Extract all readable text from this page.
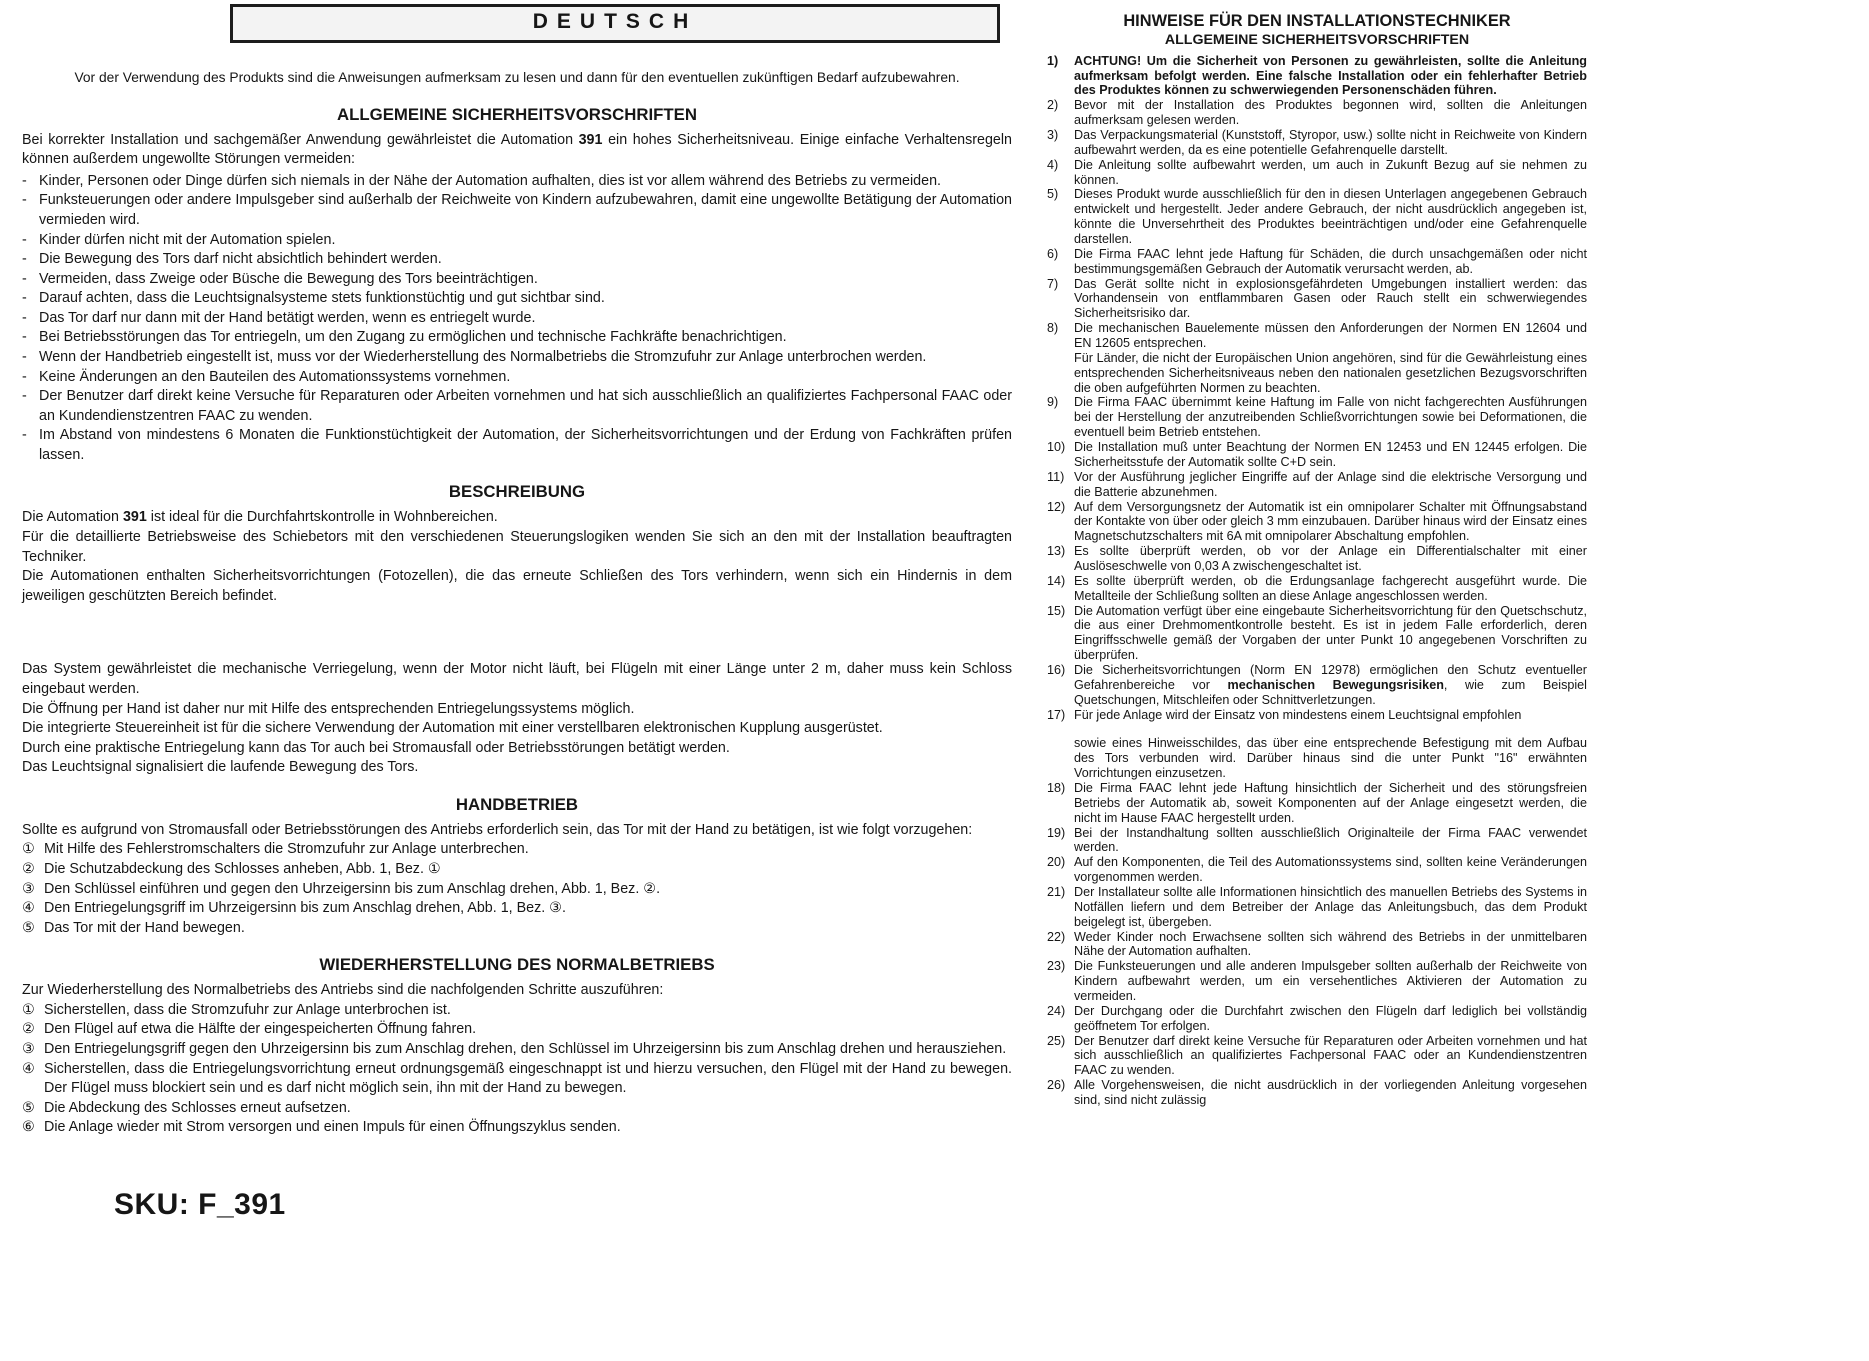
DEUTSCH

Vor der Verwendung des Produkts sind die Anweisungen aufmerksam zu lesen und dann für den eventuellen zukünftigen Bedarf aufzubewahren.

ALLGEMEINE SICHERHEITSVORSCHRIFTEN

Bei korrekter Installation und sachgemäßer Anwendung gewährleistet die Automation 391 ein hohes Sicherheitsniveau. Einige einfache Verhaltensregeln können außerdem ungewollte Störungen vermeiden:

- Kinder, Personen oder Dinge dürfen sich niemals in der Nähe der Automation aufhalten, dies ist vor allem während des Betriebs zu vermeiden.
- Funksteuerungen oder andere Impulsgeber sind außerhalb der Reichweite von Kindern aufzubewahren, damit eine ungewollte Betätigung der Automation vermieden wird.
- Kinder dürfen nicht mit der Automation spielen.
- Die Bewegung des Tors darf nicht absichtlich behindert werden.
- Vermeiden, dass Zweige oder Büsche die Bewegung des Tors beeinträchtigen.
- Darauf achten, dass die Leuchtsignalsysteme stets funktionstüchtig und gut sichtbar sind.
- Das Tor darf nur dann mit der Hand betätigt werden, wenn es entriegelt wurde.
- Bei Betriebsstörungen das Tor entriegeln, um den Zugang zu ermöglichen und technische Fachkräfte benachrichtigen.
- Wenn der Handbetrieb eingestellt ist, muss vor der Wiederherstellung des Normalbetriebs die Stromzufuhr zur Anlage unterbrochen werden.
- Keine Änderungen an den Bauteilen des Automationssystems vornehmen.
- Der Benutzer darf direkt keine Versuche für Reparaturen oder Arbeiten vornehmen und hat sich ausschließlich an qualifiziertes Fachpersonal FAAC oder an Kundendienstzentren FAAC zu wenden.
- Im Abstand von mindestens 6 Monaten die Funktionstüchtigkeit der Automation, der Sicherheitsvorrichtungen und der Erdung von Fachkräften prüfen lassen.
BESCHREIBUNG

Die Automation 391 ist ideal für die Durchfahrtskontrolle in Wohnbereichen.

Für die detaillierte Betriebsweise des Schiebetors mit den verschiedenen Steuerungslogiken wenden Sie sich an den mit der Installation beauftragten Techniker.

Die Automationen enthalten Sicherheitsvorrichtungen (Fotozellen), die das erneute Schließen des Tors verhindern, wenn sich ein Hindernis in dem jeweiligen geschützten Bereich befindet.

Das System gewährleistet die mechanische Verriegelung, wenn der Motor nicht läuft, bei Flügeln mit einer Länge unter 2 m, daher muss kein Schloss eingebaut werden.

Die Öffnung per Hand ist daher nur mit Hilfe des entsprechenden Entriegelungssystems möglich.

Die integrierte Steuereinheit ist für die sichere Verwendung der Automation mit einer verstellbaren elektronischen Kupplung ausgerüstet.

Durch eine praktische Entriegelung kann das Tor auch bei Stromausfall oder Betriebsstörungen betätigt werden.

Das Leuchtsignal signalisiert die laufende Bewegung des Tors.

HANDBETRIEB

Sollte es aufgrund von Stromausfall oder Betriebsstörungen des Antriebs erforderlich sein, das Tor mit der Hand zu betätigen, ist wie folgt vorzugehen:

① Mit Hilfe des Fehlerstromschalters die Stromzufuhr zur Anlage unterbrechen.
② Die Schutzabdeckung des Schlosses anheben, Abb. 1, Bez. ①
③ Den Schlüssel einführen und gegen den Uhrzeigersinn bis zum Anschlag drehen, Abb. 1, Bez. ②.
④ Den Entriegelungsgriff im Uhrzeigersinn bis zum Anschlag drehen, Abb. 1, Bez. ③.
⑤ Das Tor mit der Hand bewegen.
WIEDERHERSTELLUNG DES NORMALBETRIEBS

Zur Wiederherstellung des Normalbetriebs des Antriebs sind die nachfolgenden Schritte auszuführen:

① Sicherstellen, dass die Stromzufuhr zur Anlage unterbrochen ist.
② Den Flügel auf etwa die Hälfte der eingespeicherten Öffnung fahren.
③ Den Entriegelungsgriff gegen den Uhrzeigersinn bis zum Anschlag drehen, den Schlüssel im Uhrzeigersinn bis zum Anschlag drehen und herausziehen.
④ Sicherstellen, dass die Entriegelungsvorrichtung erneut ordnungsgemäß eingeschnappt ist und hierzu versuchen, den Flügel mit der Hand zu bewegen. Der Flügel muss blockiert sein und es darf nicht möglich sein, ihn mit der Hand zu bewegen.
⑤ Die Abdeckung des Schlosses erneut aufsetzen.
⑥ Die Anlage wieder mit Strom versorgen und einen Impuls für einen Öffnungszyklus senden.
SKU: F_391
HINWEISE FÜR DEN INSTALLATIONSTECHNIKER
ALLGEMEINE SICHERHEITSVORSCHRIFTEN
1) ACHTUNG! Um die Sicherheit von Personen zu gewährleisten, sollte die Anleitung aufmerksam befolgt werden. Eine falsche Installation oder ein fehlerhafter Betrieb des Produktes können zu schwerwiegenden Personenschäden führen.
2) Bevor mit der Installation des Produktes begonnen wird, sollten die Anleitungen aufmerksam gelesen werden.
3) Das Verpackungsmaterial (Kunststoff, Styropor, usw.) sollte nicht in Reichweite von Kindern aufbewahrt werden, da es eine potentielle Gefahrenquelle darstellt.
4) Die Anleitung sollte aufbewahrt werden, um auch in Zukunft Bezug auf sie nehmen zu können.
5) Dieses Produkt wurde ausschließlich für den in diesen Unterlagen angegebenen Gebrauch entwickelt und hergestellt. Jeder andere Gebrauch, der nicht ausdrücklich angegeben ist, könnte die Unversehrtheit des Produktes beeinträchtigen und/oder eine Gefahrenquelle darstellen.
6) Die Firma FAAC lehnt jede Haftung für Schäden, die durch unsachgemäßen oder nicht bestimmungsgemäßen Gebrauch der Automatik verursacht werden, ab.
7) Das Gerät sollte nicht in explosionsgefährdeten Umgebungen installiert werden: das Vorhandensein von entflammbaren Gasen oder Rauch stellt ein schwerwiegendes Sicherheitsrisiko dar.
8) Die mechanischen Bauelemente müssen den Anforderungen der Normen EN 12604 und EN 12605 entsprechen.
Für Länder, die nicht der Europäischen Union angehören, sind für die Gewährleistung eines entsprechenden Sicherheitsniveaus neben den nationalen gesetzlichen Bezugsvorschriften die oben aufgeführten Normen zu beachten.
9) Die Firma FAAC übernimmt keine Haftung im Falle von nicht fachgerechten Ausführungen bei der Herstellung der anzutreibenden Schließvorrichtungen sowie bei Deformationen, die eventuell beim Betrieb entstehen.
10) Die Installation muß unter Beachtung der Normen EN 12453 und EN 12445 erfolgen. Die Sicherheitsstufe der Automatik sollte C+D sein.
11) Vor der Ausführung jeglicher Eingriffe auf der Anlage sind die elektrische Versorgung und die Batterie abzunehmen.
12) Auf dem Versorgungsnetz der Automatik ist ein omnipolarer Schalter mit Öffnungsabstand der Kontakte von über oder gleich 3 mm einzubauen. Darüber hinaus wird der Einsatz eines Magnetschutzschalters mit 6A mit omnipolarer Abschaltung empfohlen.
13) Es sollte überprüft werden, ob vor der Anlage ein Differentialschalter mit einer Auslöseschwelle von 0,03 A zwischengeschaltet ist.
14) Es sollte überprüft werden, ob die Erdungsanlage fachgerecht ausgeführt wurde. Die Metallteile der Schließung sollten an diese Anlage angeschlossen werden.
15) Die Automation verfügt über eine eingebaute Sicherheitsvorrichtung für den Quetschschutz, die aus einer Drehmomentkontrolle besteht. Es ist in jedem Falle erforderlich, deren Eingriffsschwelle gemäß der Vorgaben der unter Punkt 10 angegebenen Vorschriften zu überprüfen.
16) Die Sicherheitsvorrichtungen (Norm EN 12978) ermöglichen den Schutz eventueller Gefahrenbereiche vor mechanischen Bewegungsrisiken, wie zum Beispiel Quetschungen, Mitschleifen oder Schnittverletzungen.
17) Für jede Anlage wird der Einsatz von mindestens einem Leuchtsignal empfohlen
sowie eines Hinweisschildes, das über eine entsprechende Befestigung mit dem Aufbau des Tors verbunden wird. Darüber hinaus sind die unter Punkt "16" erwähnten Vorrichtungen einzusetzen.
18) Die Firma FAAC lehnt jede Haftung hinsichtlich der Sicherheit und des störungsfreien Betriebs der Automatik ab, soweit Komponenten auf der Anlage eingesetzt werden, die nicht im Hause FAAC hergestellt urden.
19) Bei der Instandhaltung sollten ausschließlich Originalteile der Firma FAAC verwendet werden.
20) Auf den Komponenten, die Teil des Automationssystems sind, sollten keine Veränderungen vorgenommen werden.
21) Der Installateur sollte alle Informationen hinsichtlich des manuellen Betriebs des Systems in Notfällen liefern und dem Betreiber der Anlage das Anleitungsbuch, das dem Produkt beigelegt ist, übergeben.
22) Weder Kinder noch Erwachsene sollten sich während des Betriebs in der unmittelbaren Nähe der Automation aufhalten.
23) Die Funksteuerungen und alle anderen Impulsgeber sollten außerhalb der Reichweite von Kindern aufbewahrt werden, um ein versehentliches Aktivieren der Automation zu vermeiden.
24) Der Durchgang oder die Durchfahrt zwischen den Flügeln darf lediglich bei vollständig geöffnetem Tor erfolgen.
25) Der Benutzer darf direkt keine Versuche für Reparaturen oder Arbeiten vornehmen und hat sich ausschließlich an qualifiziertes Fachpersonal FAAC oder an Kundendienstzentren FAAC zu wenden.
26) Alle Vorgehensweisen, die nicht ausdrücklich in der vorliegenden Anleitung vorgesehen sind, sind nicht zulässig
